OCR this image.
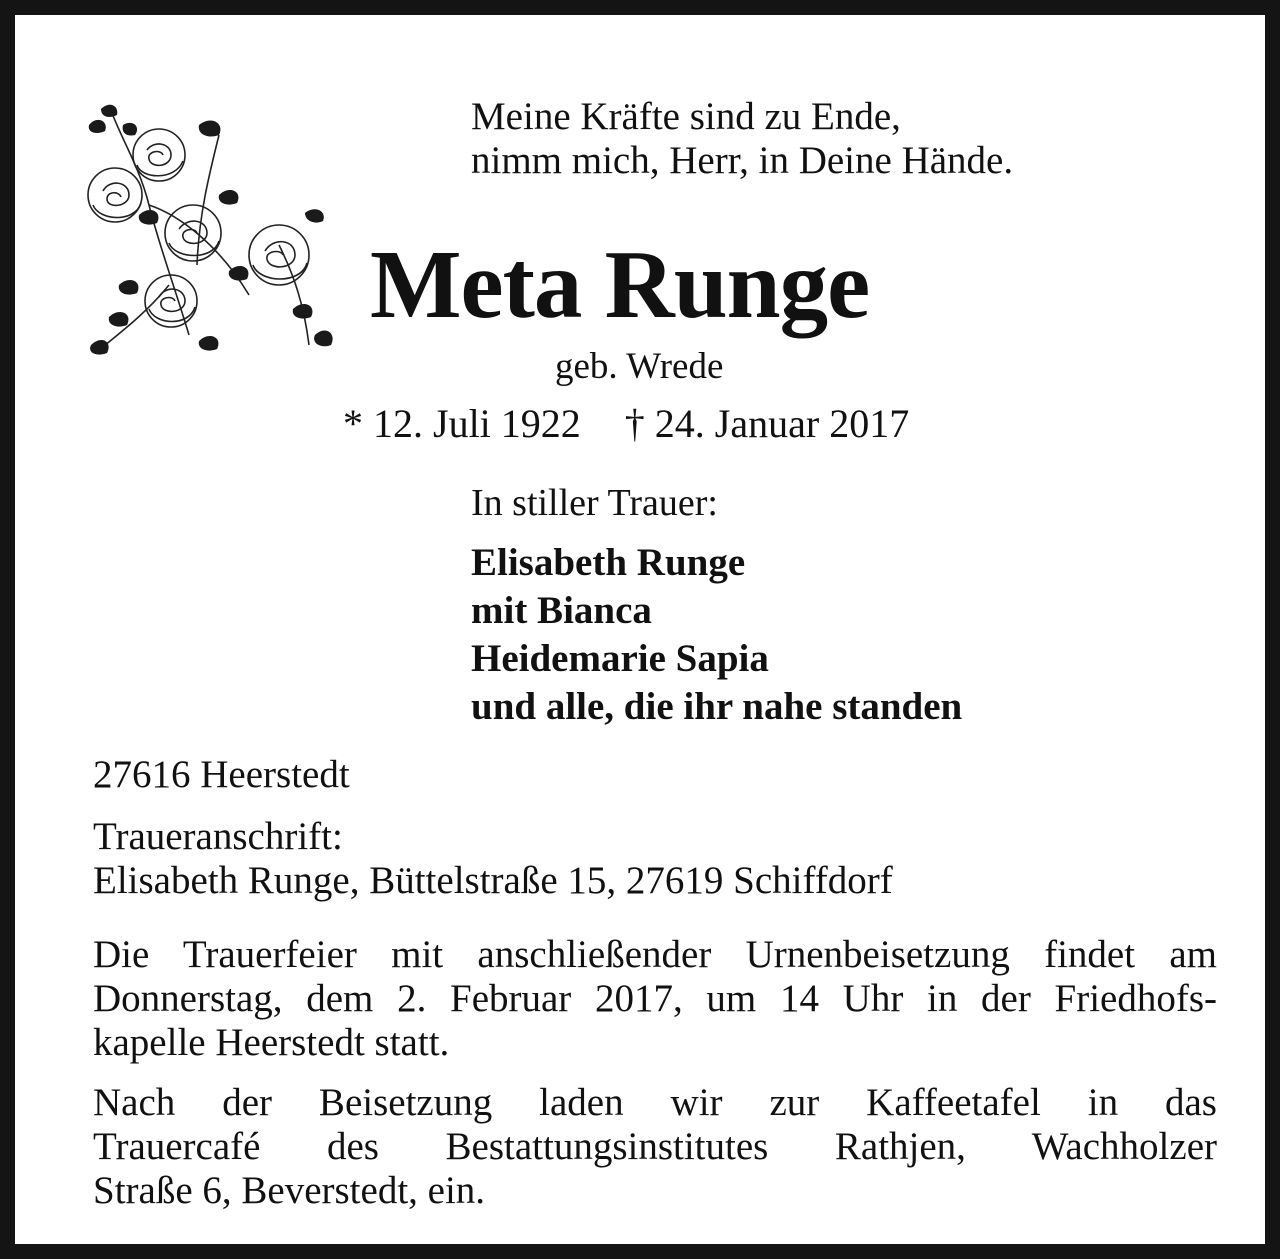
Meine Kräfte sind zu Ende,
nimm mich, Herr, in Deine Hände.
Meta Runge
geb. Wrede
* 12. Juli 1922 † 24. Januar 2017
In stiller Trauer:
Elisabeth Runge
mit Bianca
Heidemarie Sapia
und alle, die ihr nahe standen
27616 Heerstedt
Traueranschrift:
Elisabeth Runge, Büttelstraße 15, 27619 Schiffdorf
Die Trauerfeier mit anschließender Urnenbeisetzung findet am
Donnerstag, dem 2. Februar 2017, um 14 Uhr in der Friedhofs-
kapelle Heerstedt statt.
Nach der Beisetzung laden wir zur Kaffeetafel in das
Trauercafé des Bestattungsinstitutes Rathjen, Wachholzer
Straße 6, Beverstedt, ein.
